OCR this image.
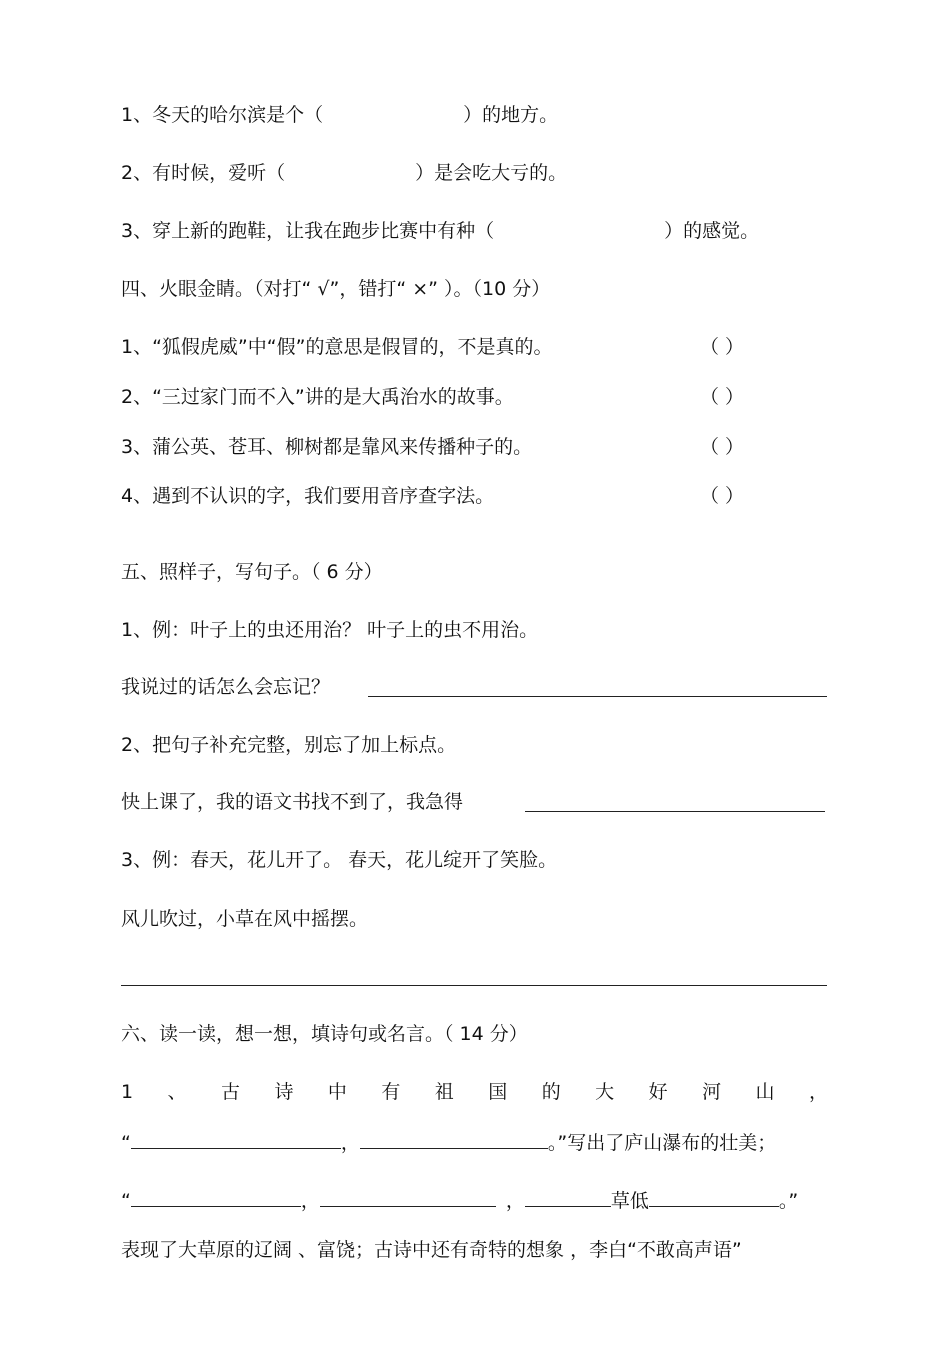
1、冬天的哈尔滨是个（	）的地方。
2、有时候，爱听（	）是会吃大亏的。
3、穿上新的跑鞋，让我在跑步比赛中有种（	）的感觉。
四、火眼金睛。（对打“ √”，错打“ ×” ）。（10 分）
1、“狐假虎威”中“假”的意思是假冒的，不是真的。	（ ）
2、“三过家门而不入”讲的是大禹治水的故事。	（ ）
3、蒲公英、苍耳、柳树都是靠风来传播种子的。	（ ）
4、遇到不认识的字，我们要用音序查字法。	（ ）
五、照样子，写句子。（ 6 分）
1、例：叶子上的虫还用治？ 叶子上的虫不用治。
我说过的话怎么会忘记？
2、把句子补充完整，别忘了加上标点。
快上课了，我的语文书找不到了，我急得
3、例：春天，花儿开了。 春天，花儿绽开了笑脸。
风儿吹过，小草在风中摇摆。
六、读一读，想一想，填诗句或名言。（ 14 分）
1 、 古 诗 中 有 祖 国 的 大 好 河 山 ，
“	，	。”写出了庐山瀑布的壮美；
“	，	，	草低	。”
表现了大草原的辽阔 、富饶；古诗中还有奇特的想象 ，李白“不敢高声语”
